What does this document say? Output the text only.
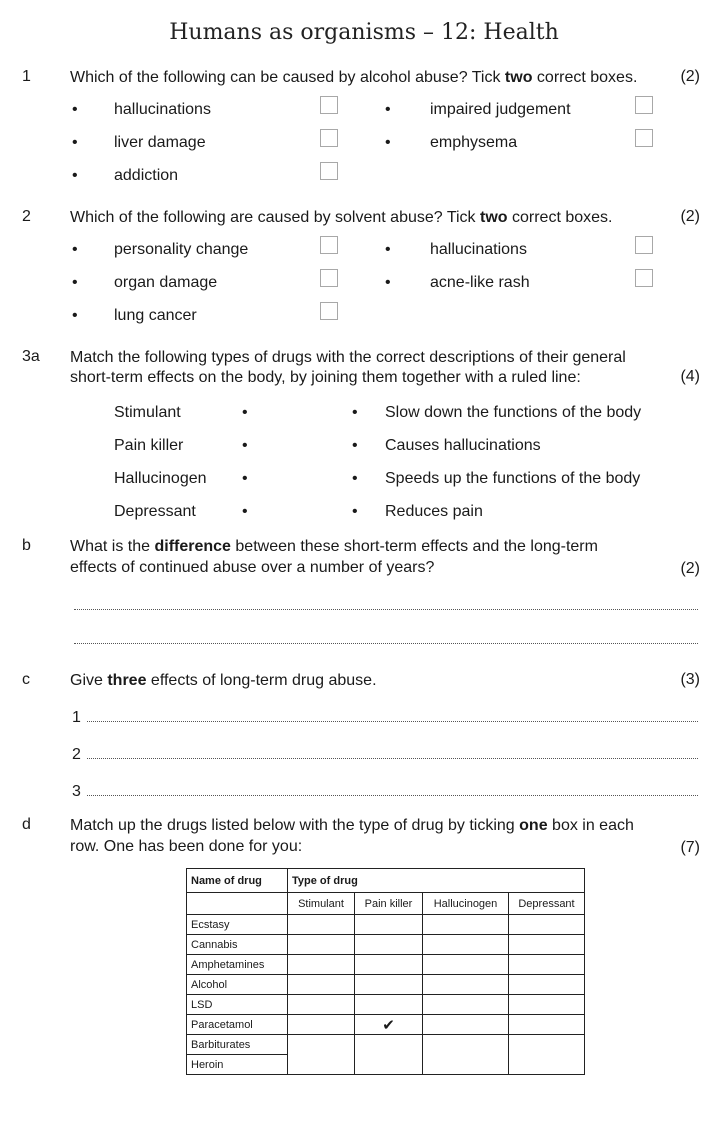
Humans as organisms – 12: Health
1 Which of the following can be caused by alcohol abuse? Tick two correct boxes.	(2)
• hallucinations	• impaired judgement
• liver damage	• emphysema
• addiction
2 Which of the following are caused by solvent abuse? Tick two correct boxes.	(2)
• personality change	• hallucinations
• organ damage	• acne-like rash
• lung cancer
3a Match the following types of drugs with the correct descriptions of their general
short-term effects on the body, by joining them together with a ruled line:	(4)
Stimulant	•	• Slow down the functions of the body
Pain killer	•	• Causes hallucinations
Hallucinogen •	• Speeds up the functions of the body
Depressant	•	• Reduces pain
b What is the difference between these short-term effects and the long-term
effects of continued abuse over a number of years?	(2)
c	Give three effects of long-term drug abuse.	(3)
1
2
3
d Match up the drugs listed below with the type of drug by ticking one box in each
row. One has been done for you:	(7)
Name of drug	Type of drug			
	Stimulant	Pain killer	Hallucinogen	Depressant
Ecstasy				
Cannabis				
Amphetamines				
Alcohol				
LSD				
Paracetamol		✔		
Barbiturates				
Heroin				
